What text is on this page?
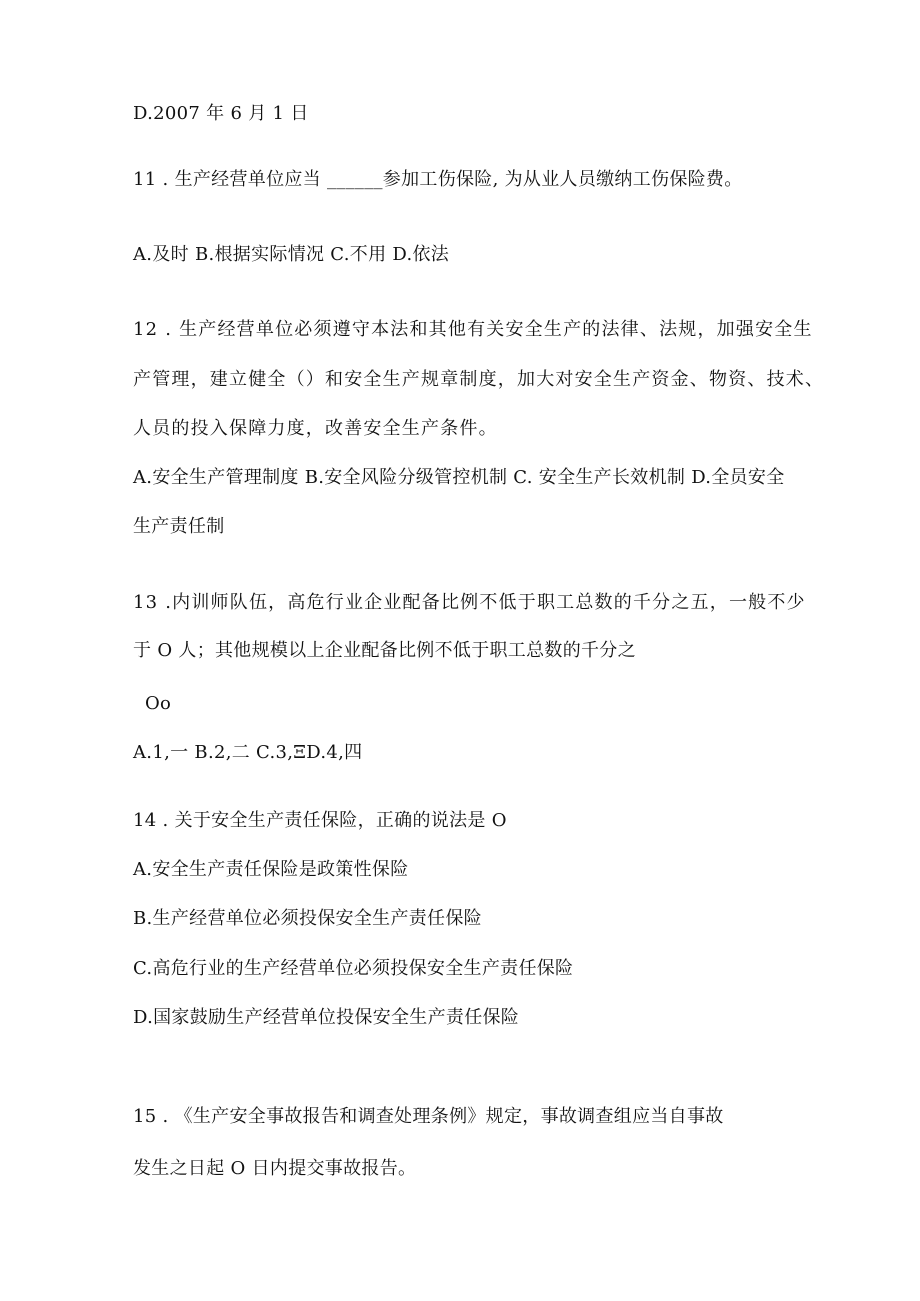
D.2007 年 6 月 1 日
11 . 生产经营单位应当 ______参加工伤保险, 为从业人员缴纳工伤保险费。
A.及时 B.根据实际情况 C.不用 D.依法
12 . 生产经营单位必须遵守本法和其他有关安全生产的法律、法规，加强安全生
产管理，建立健全（）和安全生产规章制度，加大对安全生产资金、物资、技术、
人员的投入保障力度，改善安全生产条件。
A.安全生产管理制度 B.安全风险分级管控机制 C. 安全生产长效机制 D.全员安全
生产责任制
13 .内训师队伍，高危行业企业配备比例不低于职工总数的千分之五，一般不少
于 O 人；其他规模以上企业配备比例不低于职工总数的千分之
Oo
A.1,一 B.2,二 C.3,ΞD.4,四
14 . 关于安全生产责任保险，正确的说法是 O
A.安全生产责任保险是政策性保险
B.生产经营单位必须投保安全生产责任保险
C.高危行业的生产经营单位必须投保安全生产责任保险
D.国家鼓励生产经营单位投保安全生产责任保险
15 . 《生产安全事故报告和调查处理条例》规定，事故调查组应当自事故
发生之日起 O 日内提交事故报告。
